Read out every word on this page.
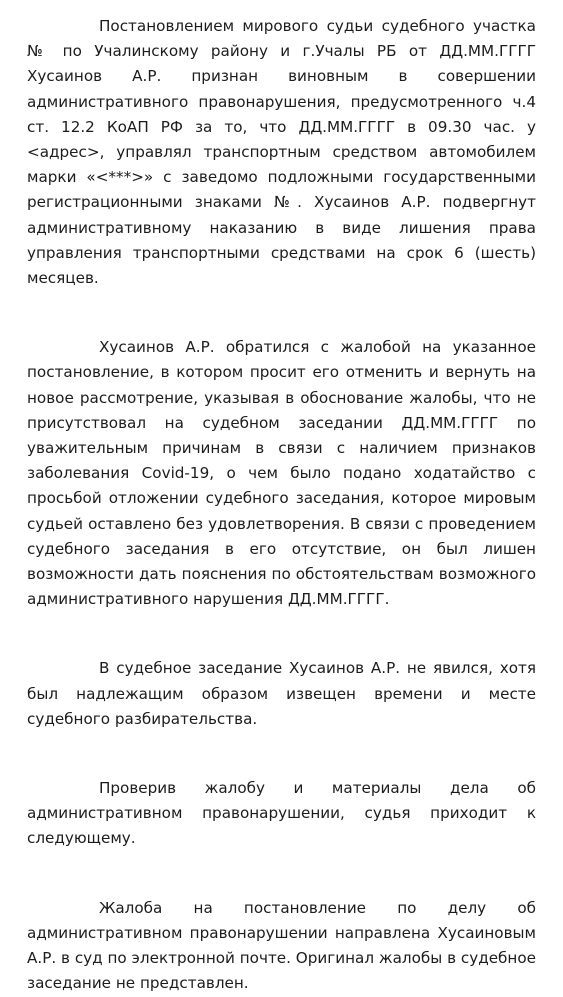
Постановлением мирового судьи судебного участка № по Учалинскому району и г.Учалы РБ от ДД.ММ.ГГГГ Хусаинов А.Р. признан виновным в совершении административного правонарушения, предусмотренного ч.4 ст. 12.2 КоАП РФ за то, что ДД.ММ.ГГГГ в 09.30 час. у <адрес>, управлял транспортным средством автомобилем марки «<***>» с заведомо подложными государственными регистрационными знаками №. Хусаинов А.Р. подвергнут административному наказанию в виде лишения права управления транспортными средствами на срок 6 (шесть) месяцев.

Хусаинов А.Р. обратился с жалобой на указанное постановление, в котором просит его отменить и вернуть на новое рассмотрение, указывая в обоснование жалобы, что не присутствовал на судебном заседании ДД.ММ.ГГГГ по уважительным причинам в связи с наличием признаков заболевания Covid-19, о чем было подано ходатайство с просьбой отложении судебного заседания, которое мировым судьей оставлено без удовлетворения. В связи с проведением судебного заседания в его отсутствие, он был лишен возможности дать пояснения по обстоятельствам возможного административного нарушения ДД.ММ.ГГГГ.

В судебное заседание Хусаинов А.Р. не явился, хотя был надлежащим образом извещен времени и месте судебного разбирательства.

Проверив жалобу и материалы дела об административном правонарушении, судья приходит к следующему.

Жалоба на постановление по делу об административном правонарушении направлена Хусаиновым А.Р. в суд по электронной почте. Оригинал жалобы в судебное заседание не представлен.
